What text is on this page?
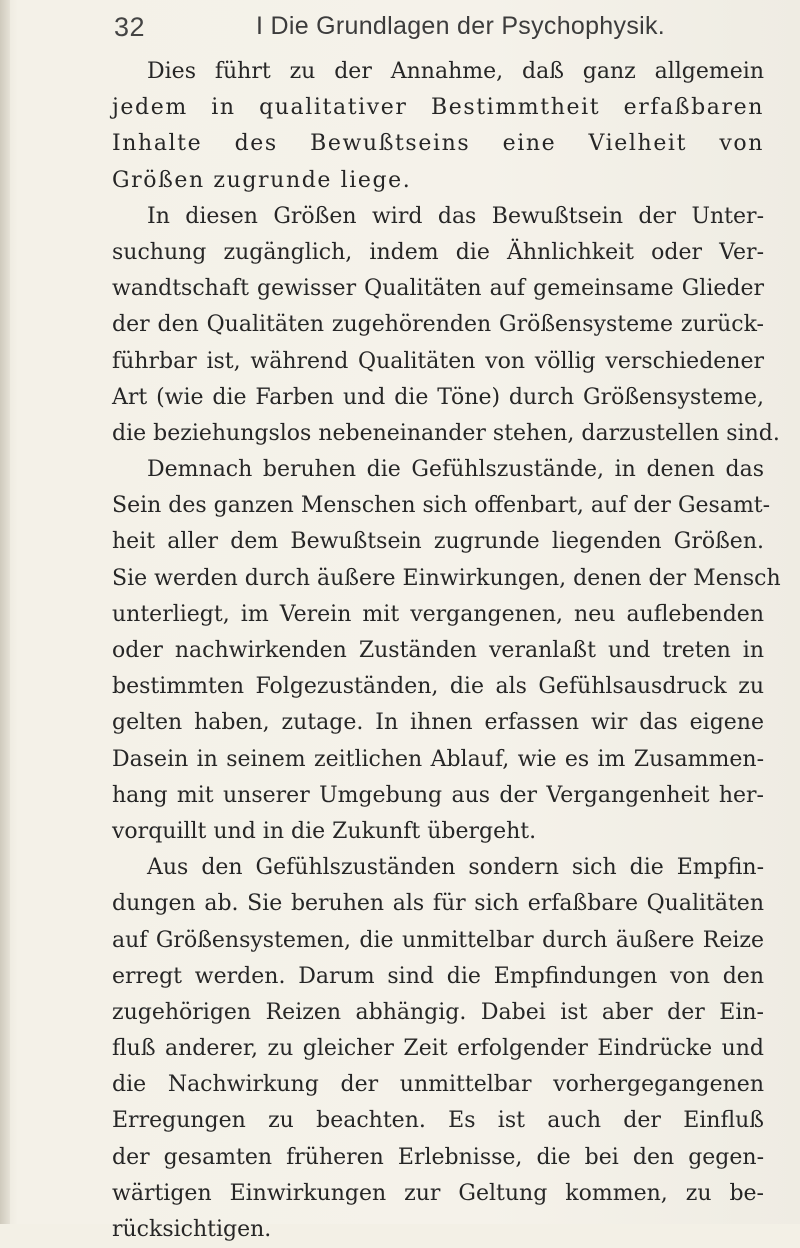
32	I Die Grundlagen der Psychophysik.
Dies führt zu der Annahme, daß ganz allgemein
jedem in qualitativer Bestimmtheit erfaßbaren
Inhalte des Bewußtseins eine Vielheit von
Größen zugrunde liege.
In diesen Größen wird das Bewußtsein der Unter-
suchung zugänglich, indem die Ähnlichkeit oder Ver-
wandtschaft gewisser Qualitäten auf gemeinsame Glieder
der den Qualitäten zugehörenden Größensysteme zurück-
führbar ist, während Qualitäten von völlig verschiedener
Art (wie die Farben und die Töne) durch Größensysteme,
die beziehungslos nebeneinander stehen, darzustellen sind.
Demnach beruhen die Gefühlszustände, in denen das
Sein des ganzen Menschen sich offenbart, auf der Gesamt-
heit aller dem Bewußtsein zugrunde liegenden Größen.
Sie werden durch äußere Einwirkungen, denen der Mensch
unterliegt, im Verein mit vergangenen, neu auflebenden
oder nachwirkenden Zuständen veranlaßt und treten in
bestimmten Folgezuständen, die als Gefühlsausdruck zu
gelten haben, zutage. In ihnen erfassen wir das eigene
Dasein in seinem zeitlichen Ablauf, wie es im Zusammen-
hang mit unserer Umgebung aus der Vergangenheit her-
vorquillt und in die Zukunft übergeht.
Aus den Gefühlszuständen sondern sich die Empfin-
dungen ab. Sie beruhen als für sich erfaßbare Qualitäten
auf Größensystemen, die unmittelbar durch äußere Reize
erregt werden. Darum sind die Empfindungen von den
zugehörigen Reizen abhängig. Dabei ist aber der Ein-
fluß anderer, zu gleicher Zeit erfolgender Eindrücke und
die Nachwirkung der unmittelbar vorhergegangenen
Erregungen zu beachten. Es ist auch der Einfluß
der gesamten früheren Erlebnisse, die bei den gegen-
wärtigen Einwirkungen zur Geltung kommen, zu be-
rücksichtigen.
